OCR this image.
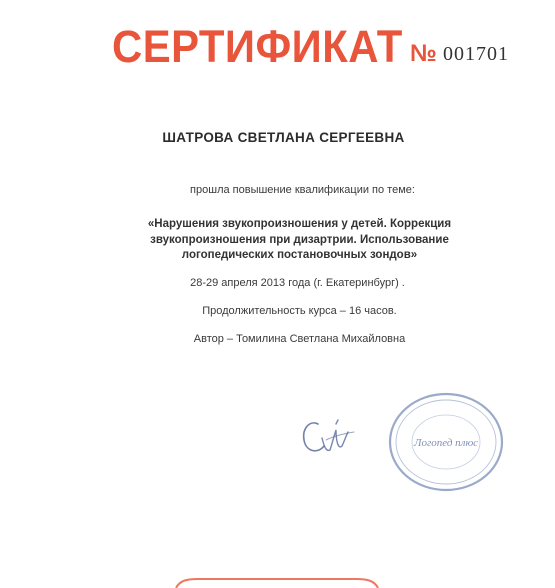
СЕРТИФИКАТ № 001701
ШАТРОВА СВЕТЛАНА СЕРГЕЕВНА
прошла повышение квалификации по теме:
«Нарушения звукопроизношения у детей. Коррекция
звукопроизношения при дизартрии. Использование
логопедических постановочных зондов»
28-29 апреля 2013 года (г. Екатеринбург) .
Продолжительность курса – 16 часов.
Автор – Томилина Светлана Михайловна
Логопед плюс
